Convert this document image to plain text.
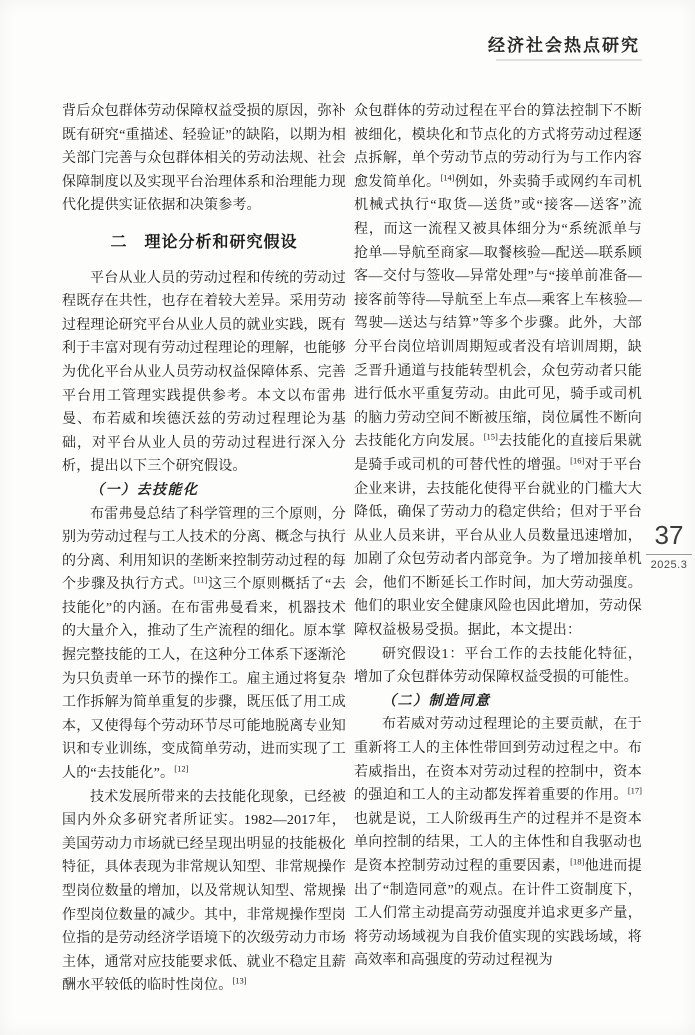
经济社会热点研究

背后众包群体劳动保障权益受损的原因，弥补既有研究“重描述、轻验证”的缺陷，以期为相关部门完善与众包群体相关的劳动法规、社会保障制度以及实现平台治理体系和治理能力现代化提供实证依据和决策参考。

二　理论分析和研究假设

平台从业人员的劳动过程和传统的劳动过程既存在共性，也存在着较大差异。采用劳动过程理论研究平台从业人员的就业实践，既有利于丰富对现有劳动过程理论的理解，也能够为优化平台从业人员劳动权益保障体系、完善平台用工管理实践提供参考。本文以布雷弗曼、布若威和埃德沃兹的劳动过程理论为基础，对平台从业人员的劳动过程进行深入分析，提出以下三个研究假设。

（一）去技能化

布雷弗曼总结了科学管理的三个原则，分别为劳动过程与工人技术的分离、概念与执行的分离、利用知识的垄断来控制劳动过程的每个步骤及执行方式。[11]这三个原则概括了“去技能化”的内涵。在布雷弗曼看来，机器技术的大量介入，推动了生产流程的细化。原本掌握完整技能的工人，在这种分工体系下逐渐沦为只负责单一环节的操作工。雇主通过将复杂工作拆解为简单重复的步骤，既压低了用工成本，又使得每个劳动环节尽可能地脱离专业知识和专业训练，变成简单劳动，进而实现了工人的“去技能化”。[12]

技术发展所带来的去技能化现象，已经被国内外众多研究者所证实。1982—2017年，美国劳动力市场就已经呈现出明显的技能极化特征，具体表现为非常规认知型、非常规操作型岗位数量的增加，以及常规认知型、常规操作型岗位数量的减少。其中，非常规操作型岗位指的是劳动经济学语境下的次级劳动力市场主体，通常对应技能要求低、就业不稳定且薪酬水平较低的临时性岗位。[13]

众包群体的劳动过程在平台的算法控制下不断被细化，模块化和节点化的方式将劳动过程逐点拆解，单个劳动节点的劳动行为与工作内容愈发简单化。[14]例如，外卖骑手或网约车司机机械式执行“取货—送货”或“接客—送客”流程，而这一流程又被具体细分为“系统派单与抢单—导航至商家—取餐核验—配送—联系顾客—交付与签收—异常处理”与“接单前准备—接客前等待—导航至上车点—乘客上车核验—驾驶—送达与结算”等多个步骤。此外，大部分平台岗位培训周期短或者没有培训周期，缺乏晋升通道与技能转型机会，众包劳动者只能进行低水平重复劳动。由此可见，骑手或司机的脑力劳动空间不断被压缩，岗位属性不断向去技能化方向发展。[15]去技能化的直接后果就是骑手或司机的可替代性的增强。[16]对于平台企业来讲，去技能化使得平台就业的门槛大大降低，确保了劳动力的稳定供给；但对于平台从业人员来讲，平台从业人员数量迅速增加，加剧了众包劳动者内部竞争。为了增加接单机会，他们不断延长工作时间，加大劳动强度。他们的职业安全健康风险也因此增加，劳动保障权益极易受损。据此，本文提出：

研究假设1：平台工作的去技能化特征，增加了众包群体劳动保障权益受损的可能性。

（二）制造同意

布若威对劳动过程理论的主要贡献，在于重新将工人的主体性带回到劳动过程之中。布若威指出，在资本对劳动过程的控制中，资本的强迫和工人的主动都发挥着重要的作用。[17]也就是说，工人阶级再生产的过程并不是资本单向控制的结果，工人的主体性和自我驱动也是资本控制劳动过程的重要因素，[18]他进而提出了“制造同意”的观点。在计件工资制度下，工人们常主动提高劳动强度并追求更多产量，将劳动场域视为自我价值实现的实践场域，将高效率和高强度的劳动过程视为

37
2025.3
